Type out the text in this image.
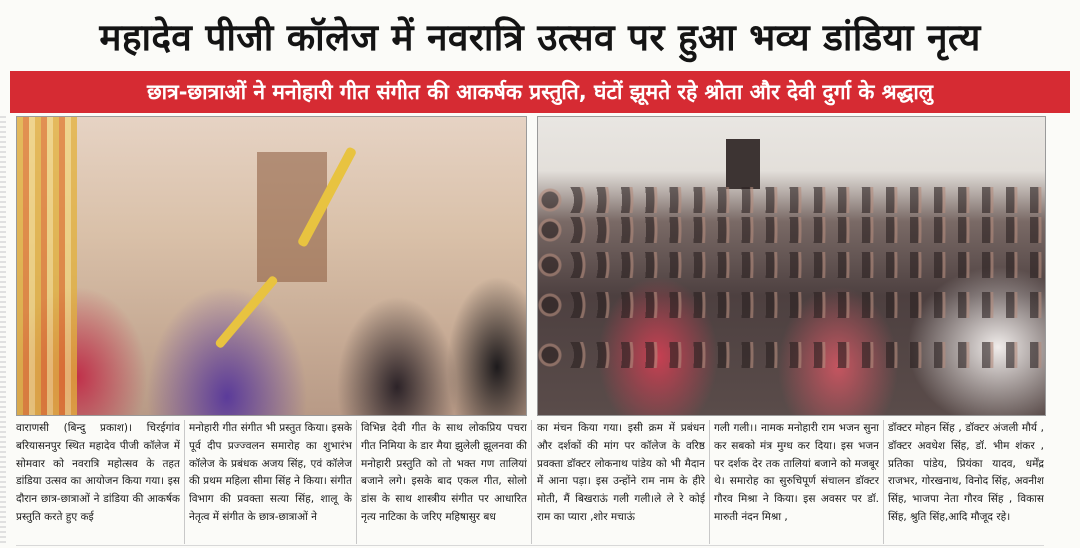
महादेव पीजी कॉलेज में नवरात्रि उत्सव पर हुआ भव्य डांडिया नृत्य
छात्र-छात्राओं ने मनोहारी गीत संगीत की आकर्षक प्रस्तुति, घंटों झूमते रहे श्रोता और देवी दुर्गा के श्रद्धालु
वाराणसी (बिन्दु प्रकाश)। चिरईगांव बरियासनपुर स्थित महादेव पीजी कॉलेज में सोमवार को नवरात्रि महोत्सव के तहत डांडिया उत्सव का आयोजन किया गया। इस दौरान छात्र-छात्राओं ने डांडिया की आकर्षक प्रस्तुति करते हुए कई
मनोहारी गीत संगीत भी प्रस्तुत किया। इसके पूर्व दीप प्रज्ज्वलन समारोह का शुभारंभ कॉलेज के प्रबंधक अजय सिंह, एवं कॉलेज की प्रथम महिला सीमा सिंह ने किया। संगीत विभाग की प्रवक्ता सत्या सिंह, शालू के नेतृत्व में संगीत के छात्र-छात्राओं ने
विभिन्न देवी गीत के साथ लोकप्रिय पचरा गीत निमिया के डार मैया झुलेली झूलनवा की मनोहारी प्रस्तुति को तो भक्त गण तालियां बजाने लगे। इसके बाद एकल गीत, सोलो डांस के साथ शास्त्रीय संगीत पर आधारित नृत्य नाटिका के जरिए महिषासुर बध
का मंचन किया गया। इसी क्रम में प्रबंधन और दर्शकों की मांग पर कॉलेज के वरिष्ठ प्रवक्ता डॉक्टर लोकनाथ पांडेय को भी मैदान में आना पड़ा। इस उन्होंने राम नाम के हीरे मोती, मैं बिखराऊं गली गली।ले ले रे कोई राम का प्यारा ,शोर मचाऊं
गली गली।। नामक मनोहारी राम भजन सुना कर सबको मंत्र मुग्ध कर दिया। इस भजन पर दर्शक देर तक तालियां बजाने को मजबूर थे। समारोह का सुरुचिपूर्ण संचालन डॉक्टर गौरव मिश्रा ने किया। इस अवसर पर डॉ. मारुती नंदन मिश्रा ,
डॉक्टर मोहन सिंह , डॉक्टर अंजली मौर्य , डॉक्टर अवधेश सिंह, डॉ. भीम शंकर , प्रतिका पांडेय, प्रियंका यादव, धर्मेंद्र राजभर, गोरखनाथ, विनोद सिंह, अवनीश सिंह, भाजपा नेता गौरव सिंह , विकास सिंह, श्रुति सिंह,आदि मौजूद रहे।
